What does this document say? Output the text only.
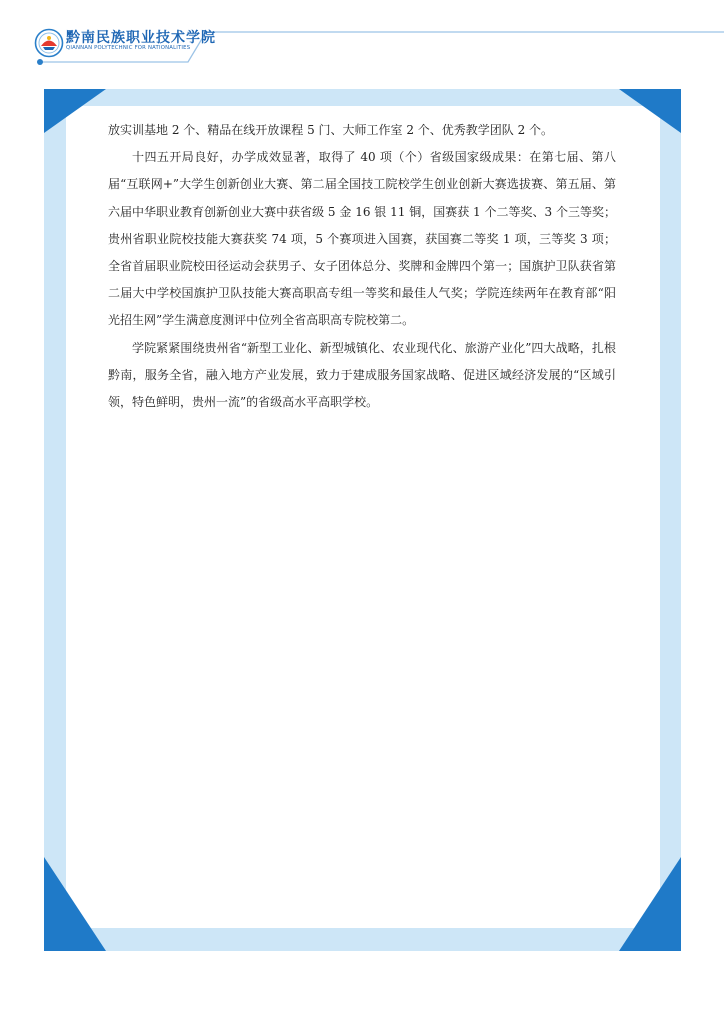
黔南民族职业技术学院
QIANNAN POLYTECHNIC FOR NATIONALITIES

放实训基地 2 个、精品在线开放课程 5 门、大师工作室 2 个、优秀教学团队 2 个。

十四五开局良好，办学成效显著，取得了 40 项（个）省级国家级成果：在第七届、第八届“互联网+”大学生创新创业大赛、第二届全国技工院校学生创业创新大赛选拔赛、第五届、第六届中华职业教育创新创业大赛中获省级 5 金 16 银 11 铜，国赛获 1 个二等奖、3 个三等奖；贵州省职业院校技能大赛获奖 74 项，5 个赛项进入国赛，获国赛二等奖 1 项，三等奖 3 项；全省首届职业院校田径运动会获男子、女子团体总分、奖牌和金牌四个第一；国旗护卫队获省第二届大中学校国旗护卫队技能大赛高职高专组一等奖和最佳人气奖；学院连续两年在教育部“阳光招生网”学生满意度测评中位列全省高职高专院校第二。

学院紧紧围绕贵州省“新型工业化、新型城镇化、农业现代化、旅游产业化”四大战略，扎根黔南，服务全省，融入地方产业发展，致力于建成服务国家战略、促进区域经济发展的“区域引领，特色鲜明，贵州一流”的省级高水平高职学校。
